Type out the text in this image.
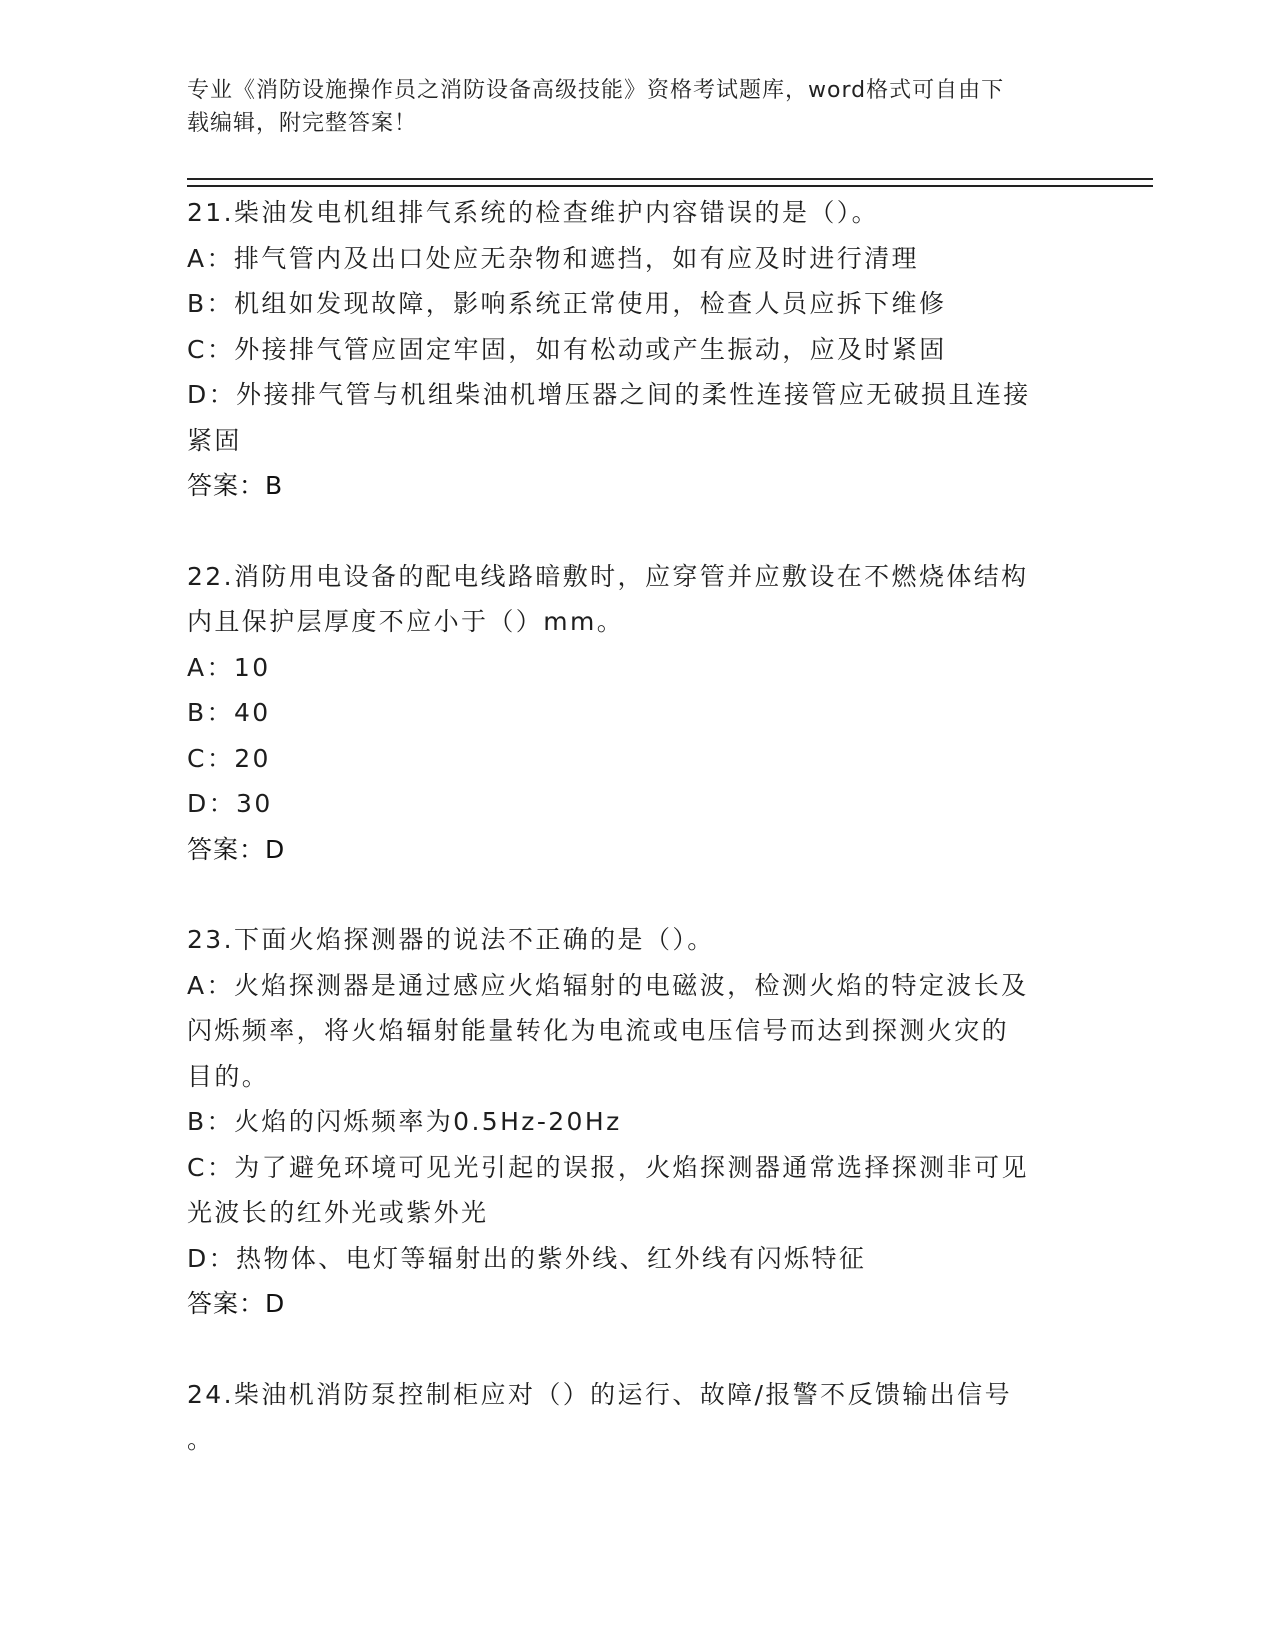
专业《消防设施操作员之消防设备高级技能》资格考试题库，word格式可自由下
载编辑，附完整答案！
21.柴油发电机组排气系统的检查维护内容错误的是（）。
A：排气管内及出口处应无杂物和遮挡，如有应及时进行清理
B：机组如发现故障，影响系统正常使用，检查人员应拆下维修
C：外接排气管应固定牢固，如有松动或产生振动，应及时紧固
D：外接排气管与机组柴油机增压器之间的柔性连接管应无破损且连接
紧固
答案：B
22.消防用电设备的配电线路暗敷时，应穿管并应敷设在不燃烧体结构
内且保护层厚度不应小于（）mm。
A：10
B：40
C：20
D：30
答案：D
23.下面火焰探测器的说法不正确的是（）。
A：火焰探测器是通过感应火焰辐射的电磁波，检测火焰的特定波长及
闪烁频率，将火焰辐射能量转化为电流或电压信号而达到探测火灾的
目的。
B：火焰的闪烁频率为0.5Hz-20Hz
C：为了避免环境可见光引起的误报，火焰探测器通常选择探测非可见
光波长的红外光或紫外光
D：热物体、电灯等辐射出的紫外线、红外线有闪烁特征
答案：D
24.柴油机消防泵控制柜应对（）的运行、故障/报警不反馈输出信号
。
